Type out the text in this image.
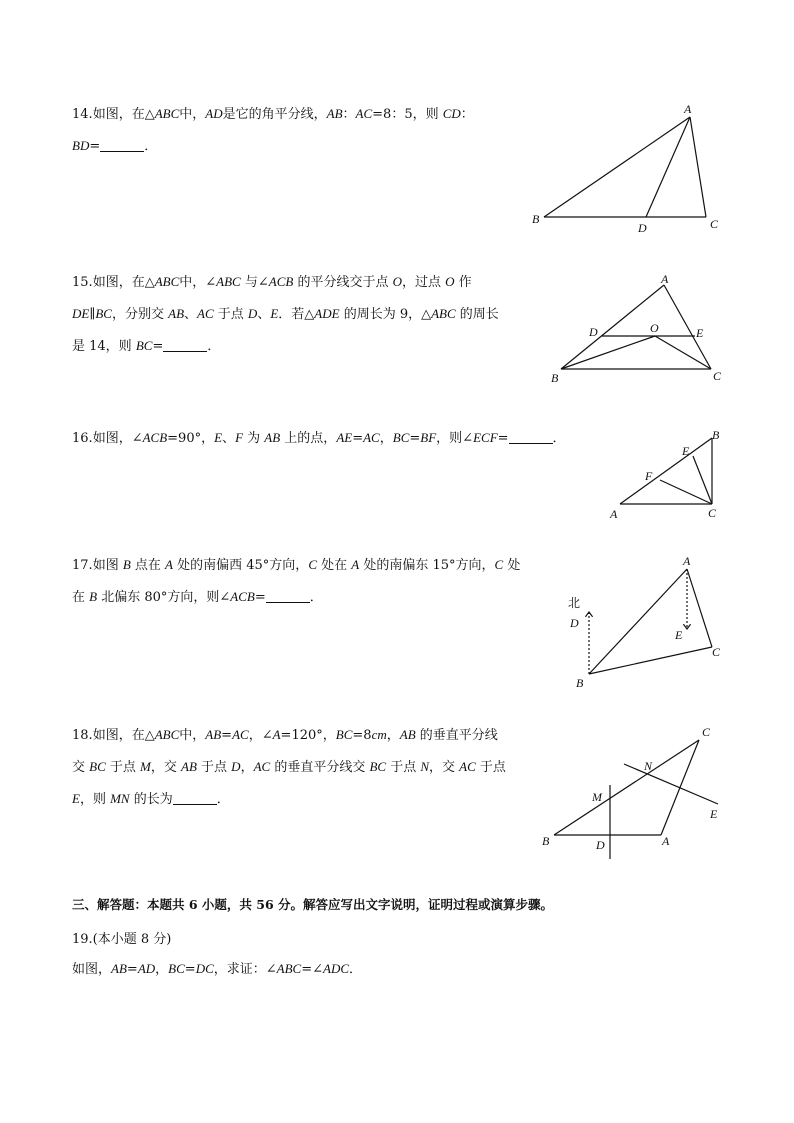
14.如图，在△ABC中，AD是它的角平分线，AB：AC=8：5，则 CD：

BD=	．

A
B	C
D

15.如图，在△ABC中，∠ABC 与∠ACB 的平分线交于点 O，过点 O 作

DE∥BC，分别交 AB、AC 于点 D、E．若△ADE 的周长为 9，△ABC 的周长

是 14，则 BC=	．

A
B	C
D	E
O

16.如图，∠ACB=90°，E、F 为 AB 上的点，AE=AC，BC=BF，则∠ECF=	．

A
B
C
E
F

17.如图 B 点在 A 处的南偏西 45°方向，C 处在 A 处的南偏东 15°方向，C 处

在 B 北偏东 80°方向，则∠ACB=	．

A
B
C
D
E
北

18.如图，在△ABC中，AB=AC，∠A=120°，BC=8cm，AB 的垂直平分线

交 BC 于点 M，交 AB 于点 D，AC 的垂直平分线交 BC 于点 N，交 AC 于点

E，则 MN 的长为	．

A
B
C
D
E
M
N
三、解答题：本题共 6 小题，共 56 分。解答应写出文字说明，证明过程或演算步骤。
19.(本小题 8 分)
如图，AB=AD，BC=DC，求证：∠ABC=∠ADC．
